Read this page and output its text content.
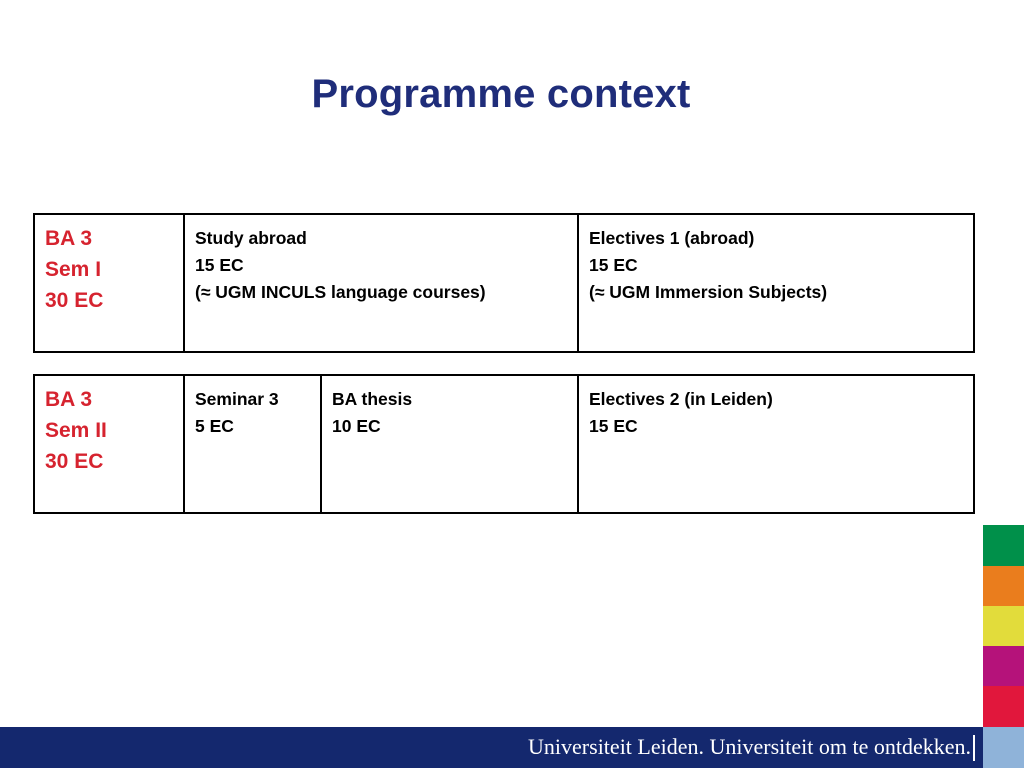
Programme context
BA 3
Sem I
30 EC
Study abroad
15 EC
(≈ UGM INCULS language courses)
Electives 1 (abroad)
15 EC
(≈ UGM Immersion Subjects)
BA 3
Sem II
30 EC
Seminar 3
5 EC
BA thesis
10 EC
Electives 2 (in Leiden)
15 EC
Universiteit Leiden. Universiteit om te ontdekken.
